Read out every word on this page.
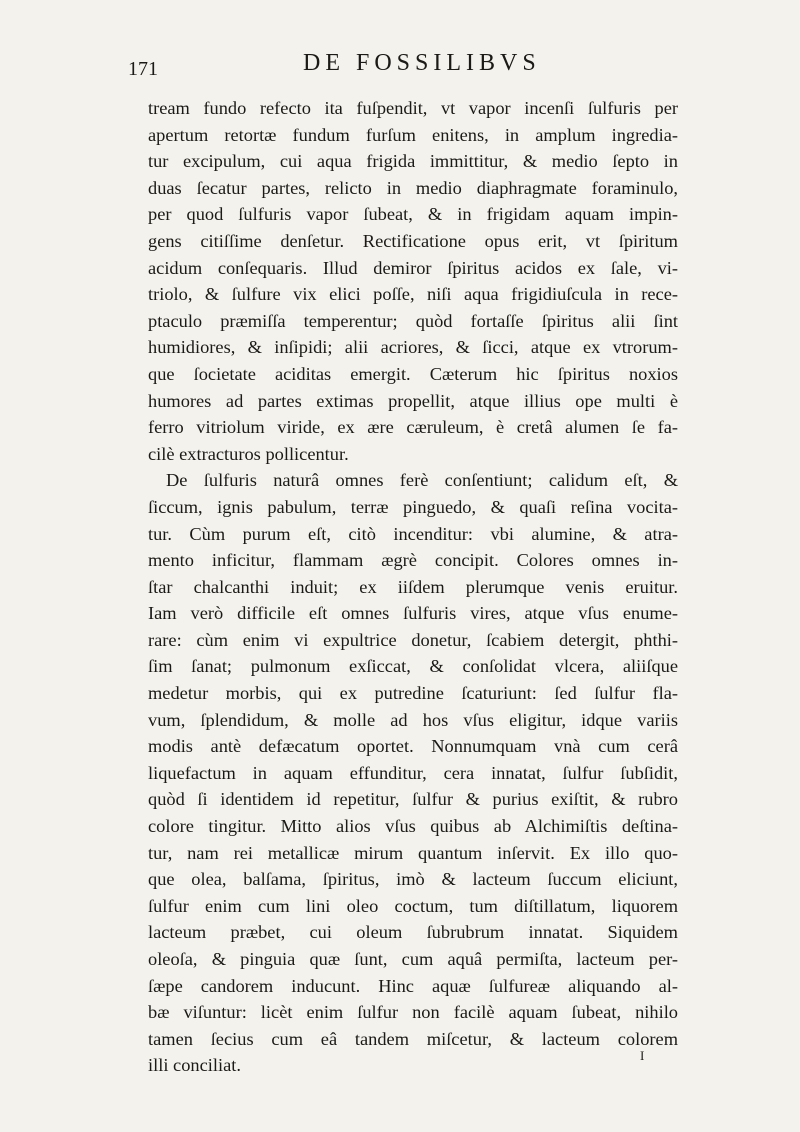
171	DE FOSSILIBVS
tream fundo refecto ita fuſpendit, vt vapor incenſi ſulfuris per
apertum retortæ fundum furſum enitens, in amplum ingredia-
tur excipulum, cui aqua frigida immittitur, & medio ſepto in
duas ſecatur partes, relicto in medio diaphragmate foraminulo,
per quod ſulfuris vapor ſubeat, & in frigidam aquam impin-
gens citiſſime denſetur. Rectificatione opus erit, vt ſpiritum
acidum conſequaris. Illud demiror ſpiritus acidos ex ſale, vi-
triolo, & ſulfure vix elici poſſe, niſi aqua frigidiuſcula in rece-
ptaculo præmiſſa temperentur; quòd fortaſſe ſpiritus alii ſint
humidiores, & inſipidi; alii acriores, & ſicci, atque ex vtrorum-
que ſocietate aciditas emergit. Cæterum hic ſpiritus noxios
humores ad partes extimas propellit, atque illius ope multi è
ferro vitriolum viride, ex ære cæruleum, è cretâ alumen ſe fa-
cilè extracturos pollicentur.
De ſulfuris naturâ omnes ferè conſentiunt; calidum eſt, &
ſiccum, ignis pabulum, terræ pinguedo, & quaſi reſina vocita-
tur. Cùm purum eſt, citò incenditur: vbi alumine, & atra-
mento inficitur, flammam ægrè concipit. Colores omnes in-
ſtar chalcanthi induit; ex iiſdem plerumque venis eruitur.
Iam verò difficile eſt omnes ſulfuris vires, atque vſus enume-
rare: cùm enim vi expultrice donetur, ſcabiem detergit, phthi-
ſim ſanat; pulmonum exſiccat, & conſolidat vlcera, aliiſque
medetur morbis, qui ex putredine ſcaturiunt: ſed ſulfur fla-
vum, ſplendidum, & molle ad hos vſus eligitur, idque variis
modis antè defæcatum oportet. Nonnumquam vnà cum cerâ
liquefactum in aquam effunditur, cera innatat, ſulfur ſubſidit,
quòd ſi identidem id repetitur, ſulfur & purius exiſtit, & rubro
colore tingitur. Mitto alios vſus quibus ab Alchimiſtis deſtina-
tur, nam rei metallicæ mirum quantum inſervit. Ex illo quo-
que olea, balſama, ſpiritus, imò & lacteum ſuccum eliciunt,
ſulfur enim cum lini oleo coctum, tum diſtillatum, liquorem
lacteum præbet, cui oleum ſubrubrum innatat. Siquidem
oleoſa, & pinguia quæ ſunt, cum aquâ permiſta, lacteum per-
ſæpe candorem inducunt. Hinc aquæ ſulfureæ aliquando al-
bæ viſuntur: licèt enim ſulfur non facilè aquam ſubeat, nihilo
tamen ſecius cum eâ tandem miſcetur, & lacteum colorem
illi conciliat.	I
